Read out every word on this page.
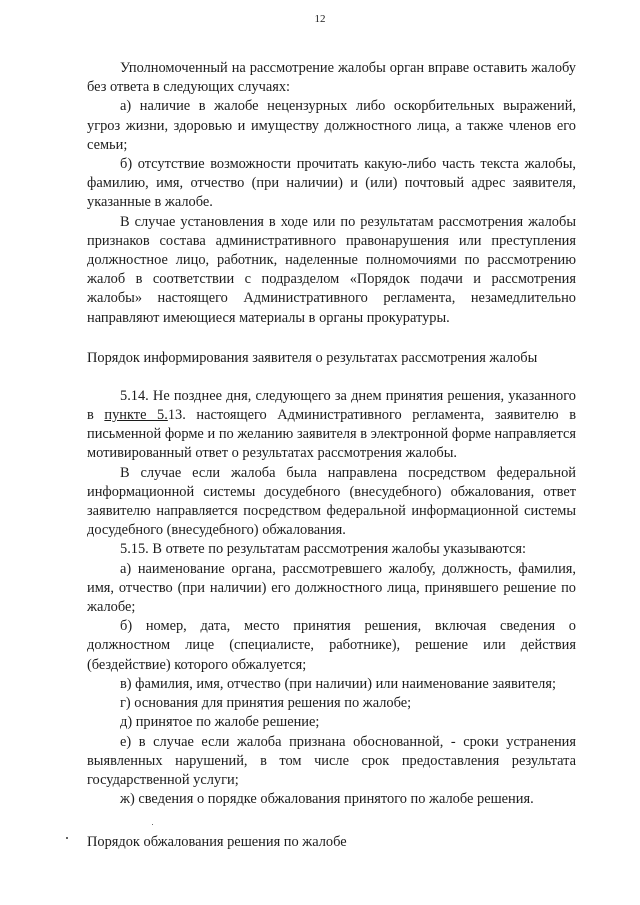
12

Уполномоченный на рассмотрение жалобы орган вправе оставить жалобу без ответа в следующих случаях:

а) наличие в жалобе нецензурных либо оскорбительных выражений, угроз жизни, здоровью и имуществу должностного лица, а также членов его семьи;

б) отсутствие возможности прочитать какую-либо часть текста жалобы, фамилию, имя, отчество (при наличии) и (или) почтовый адрес заявителя, указанные в жалобе.

В случае установления в ходе или по результатам рассмотрения жалобы признаков состава административного правонарушения или преступления должностное лицо, работник, наделенные полномочиями по рассмотрению жалоб в соответствии с подразделом «Порядок подачи и рассмотрения жалобы» настоящего Административного регламента, незамедлительно направляют имеющиеся материалы в органы прокуратуры.

Порядок информирования заявителя о результатах рассмотрения жалобы

5.14. Не позднее дня, следующего за днем принятия решения, указанного в пункте 5.13. настоящего Административного регламента, заявителю в письменной форме и по желанию заявителя в электронной форме направляется мотивированный ответ о результатах рассмотрения жалобы.

В случае если жалоба была направлена посредством федеральной информационной системы досудебного (внесудебного) обжалования, ответ заявителю направляется посредством федеральной информационной системы досудебного (внесудебного) обжалования.

5.15. В ответе по результатам рассмотрения жалобы указываются:

а) наименование органа, рассмотревшего жалобу, должность, фамилия, имя, отчество (при наличии) его должностного лица, принявшего решение по жалобе;

б) номер, дата, место принятия решения, включая сведения о должностном лице (специалисте, работнике), решение или действия (бездействие) которого обжалуется;

в) фамилия, имя, отчество (при наличии) или наименование заявителя;

г) основания для принятия решения по жалобе;

д) принятое по жалобе решение;

е) в случае если жалоба признана обоснованной, - сроки устранения выявленных нарушений, в том числе срок предоставления результата государственной услуги;

ж) сведения о порядке обжалования принятого по жалобе решения.

Порядок обжалования решения по жалобе
